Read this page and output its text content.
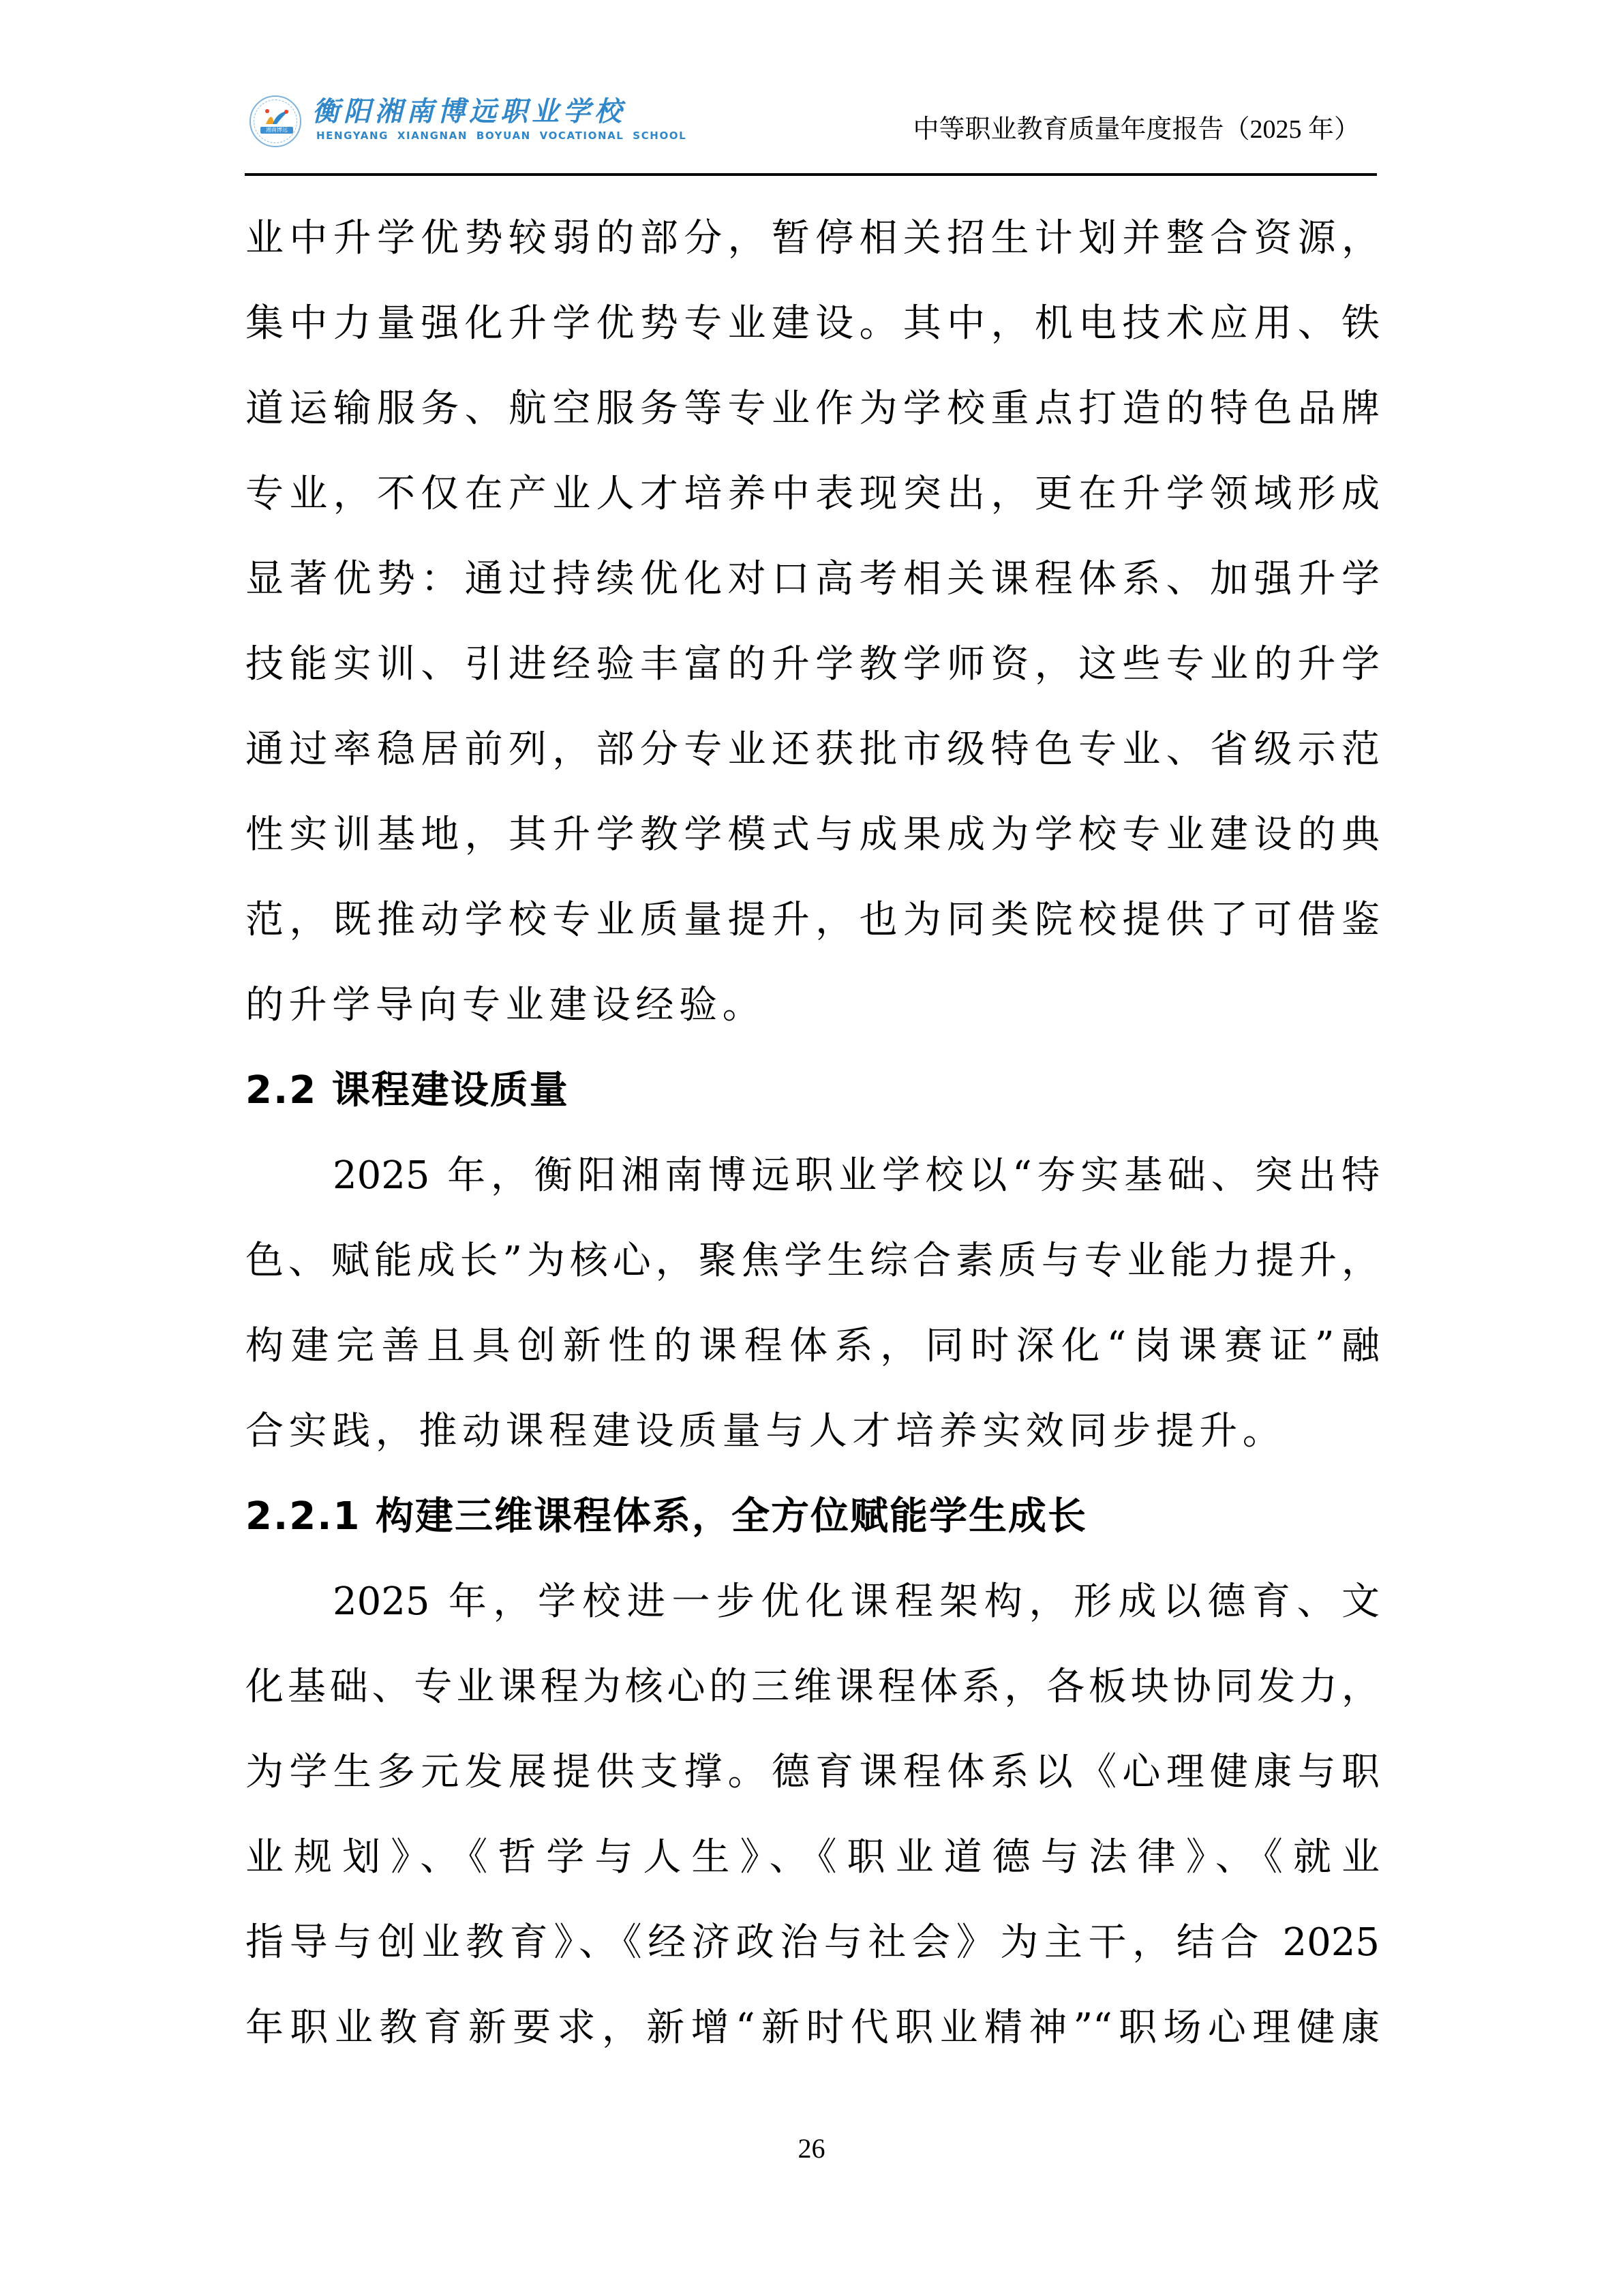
湘南博远
衡阳湘南博远职业学校
HENGYANG XIANGNAN BOYUAN VOCATIONAL SCHOOL	中等职业教育质量年度报告（2025 年）
业中升学优势较弱的部分，暂停相关招生计划并整合资源，
集中力量强化升学优势专业建设。其中，机电技术应用、铁
道运输服务、航空服务等专业作为学校重点打造的特色品牌
专业，不仅在产业人才培养中表现突出，更在升学领域形成
显著优势：通过持续优化对口高考相关课程体系、加强升学
技能实训、引进经验丰富的升学教学师资，这些专业的升学
通过率稳居前列，部分专业还获批市级特色专业、省级示范
性实训基地，其升学教学模式与成果成为学校专业建设的典
范，既推动学校专业质量提升，也为同类院校提供了可借鉴
的升学导向专业建设经验。
2.2 课程建设质量
2025 年，衡阳湘南博远职业学校以“夯实基础、突出特
色、赋能成长”为核心，聚焦学生综合素质与专业能力提升，
构建完善且具创新性的课程体系，同时深化“岗课赛证”融
合实践，推动课程建设质量与人才培养实效同步提升。
2.2.1 构建三维课程体系，全方位赋能学生成长
2025 年，学校进一步优化课程架构，形成以德育、文
化基础、专业课程为核心的三维课程体系，各板块协同发力，
为学生多元发展提供支撑。德育课程体系以《心理健康与职
业规划》、《哲学与人生》、《职业道德与法律》、《就业
指导与创业教育》、《经济政治与社会》为主干，结合 2025
年职业教育新要求，新增“新时代职业精神”“职场心理健康
26
